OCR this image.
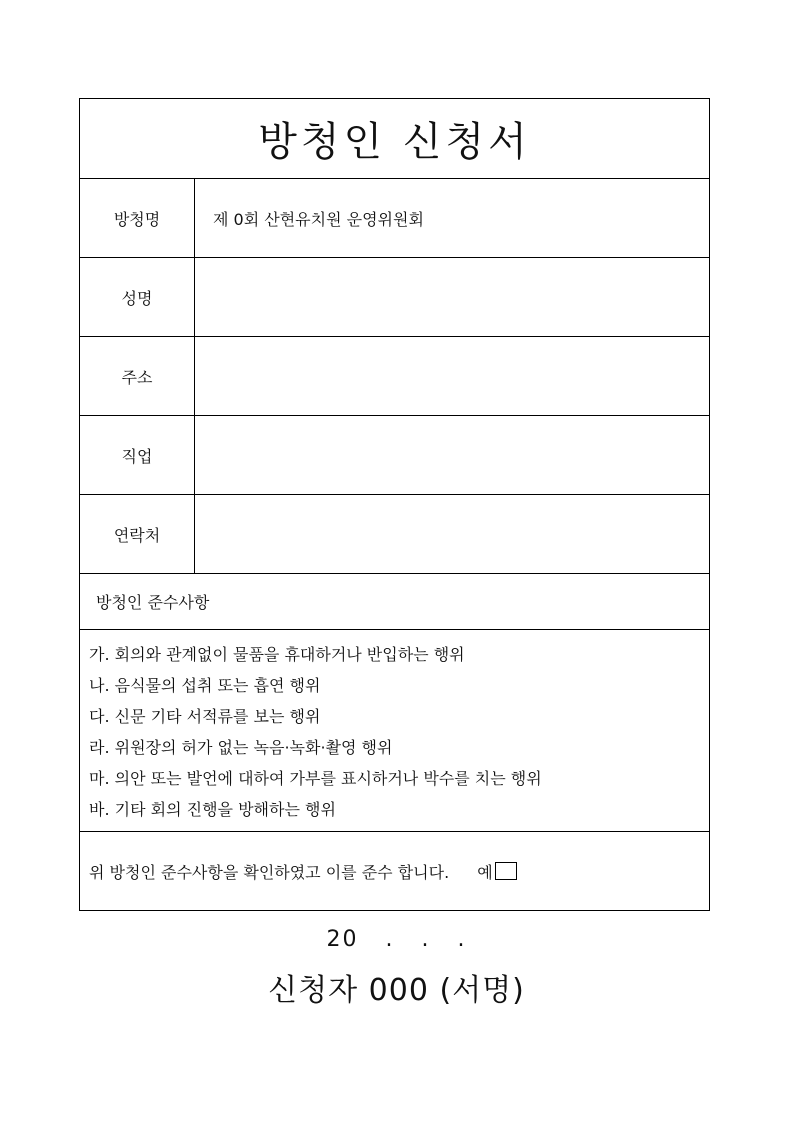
방청인 신청서
방청명	제 0회 산현유치원 운영위원회
성명
주소
직업
연락처
방청인 준수사항
가. 회의와 관계없이 물품을 휴대하거나 반입하는 행위
나. 음식물의 섭취 또는 흡연 행위
다. 신문 기타 서적류를 보는 행위
라. 위원장의 허가 없는 녹음·녹화·촬영 행위
마. 의안 또는 발언에 대하여 가부를 표시하거나 박수를 치는 행위
바. 기타 회의 진행을 방해하는 행위
위 방청인 준수사항을 확인하였고 이를 준수 합니다. 예
20   .   .   .
신청자 000 (서명)
